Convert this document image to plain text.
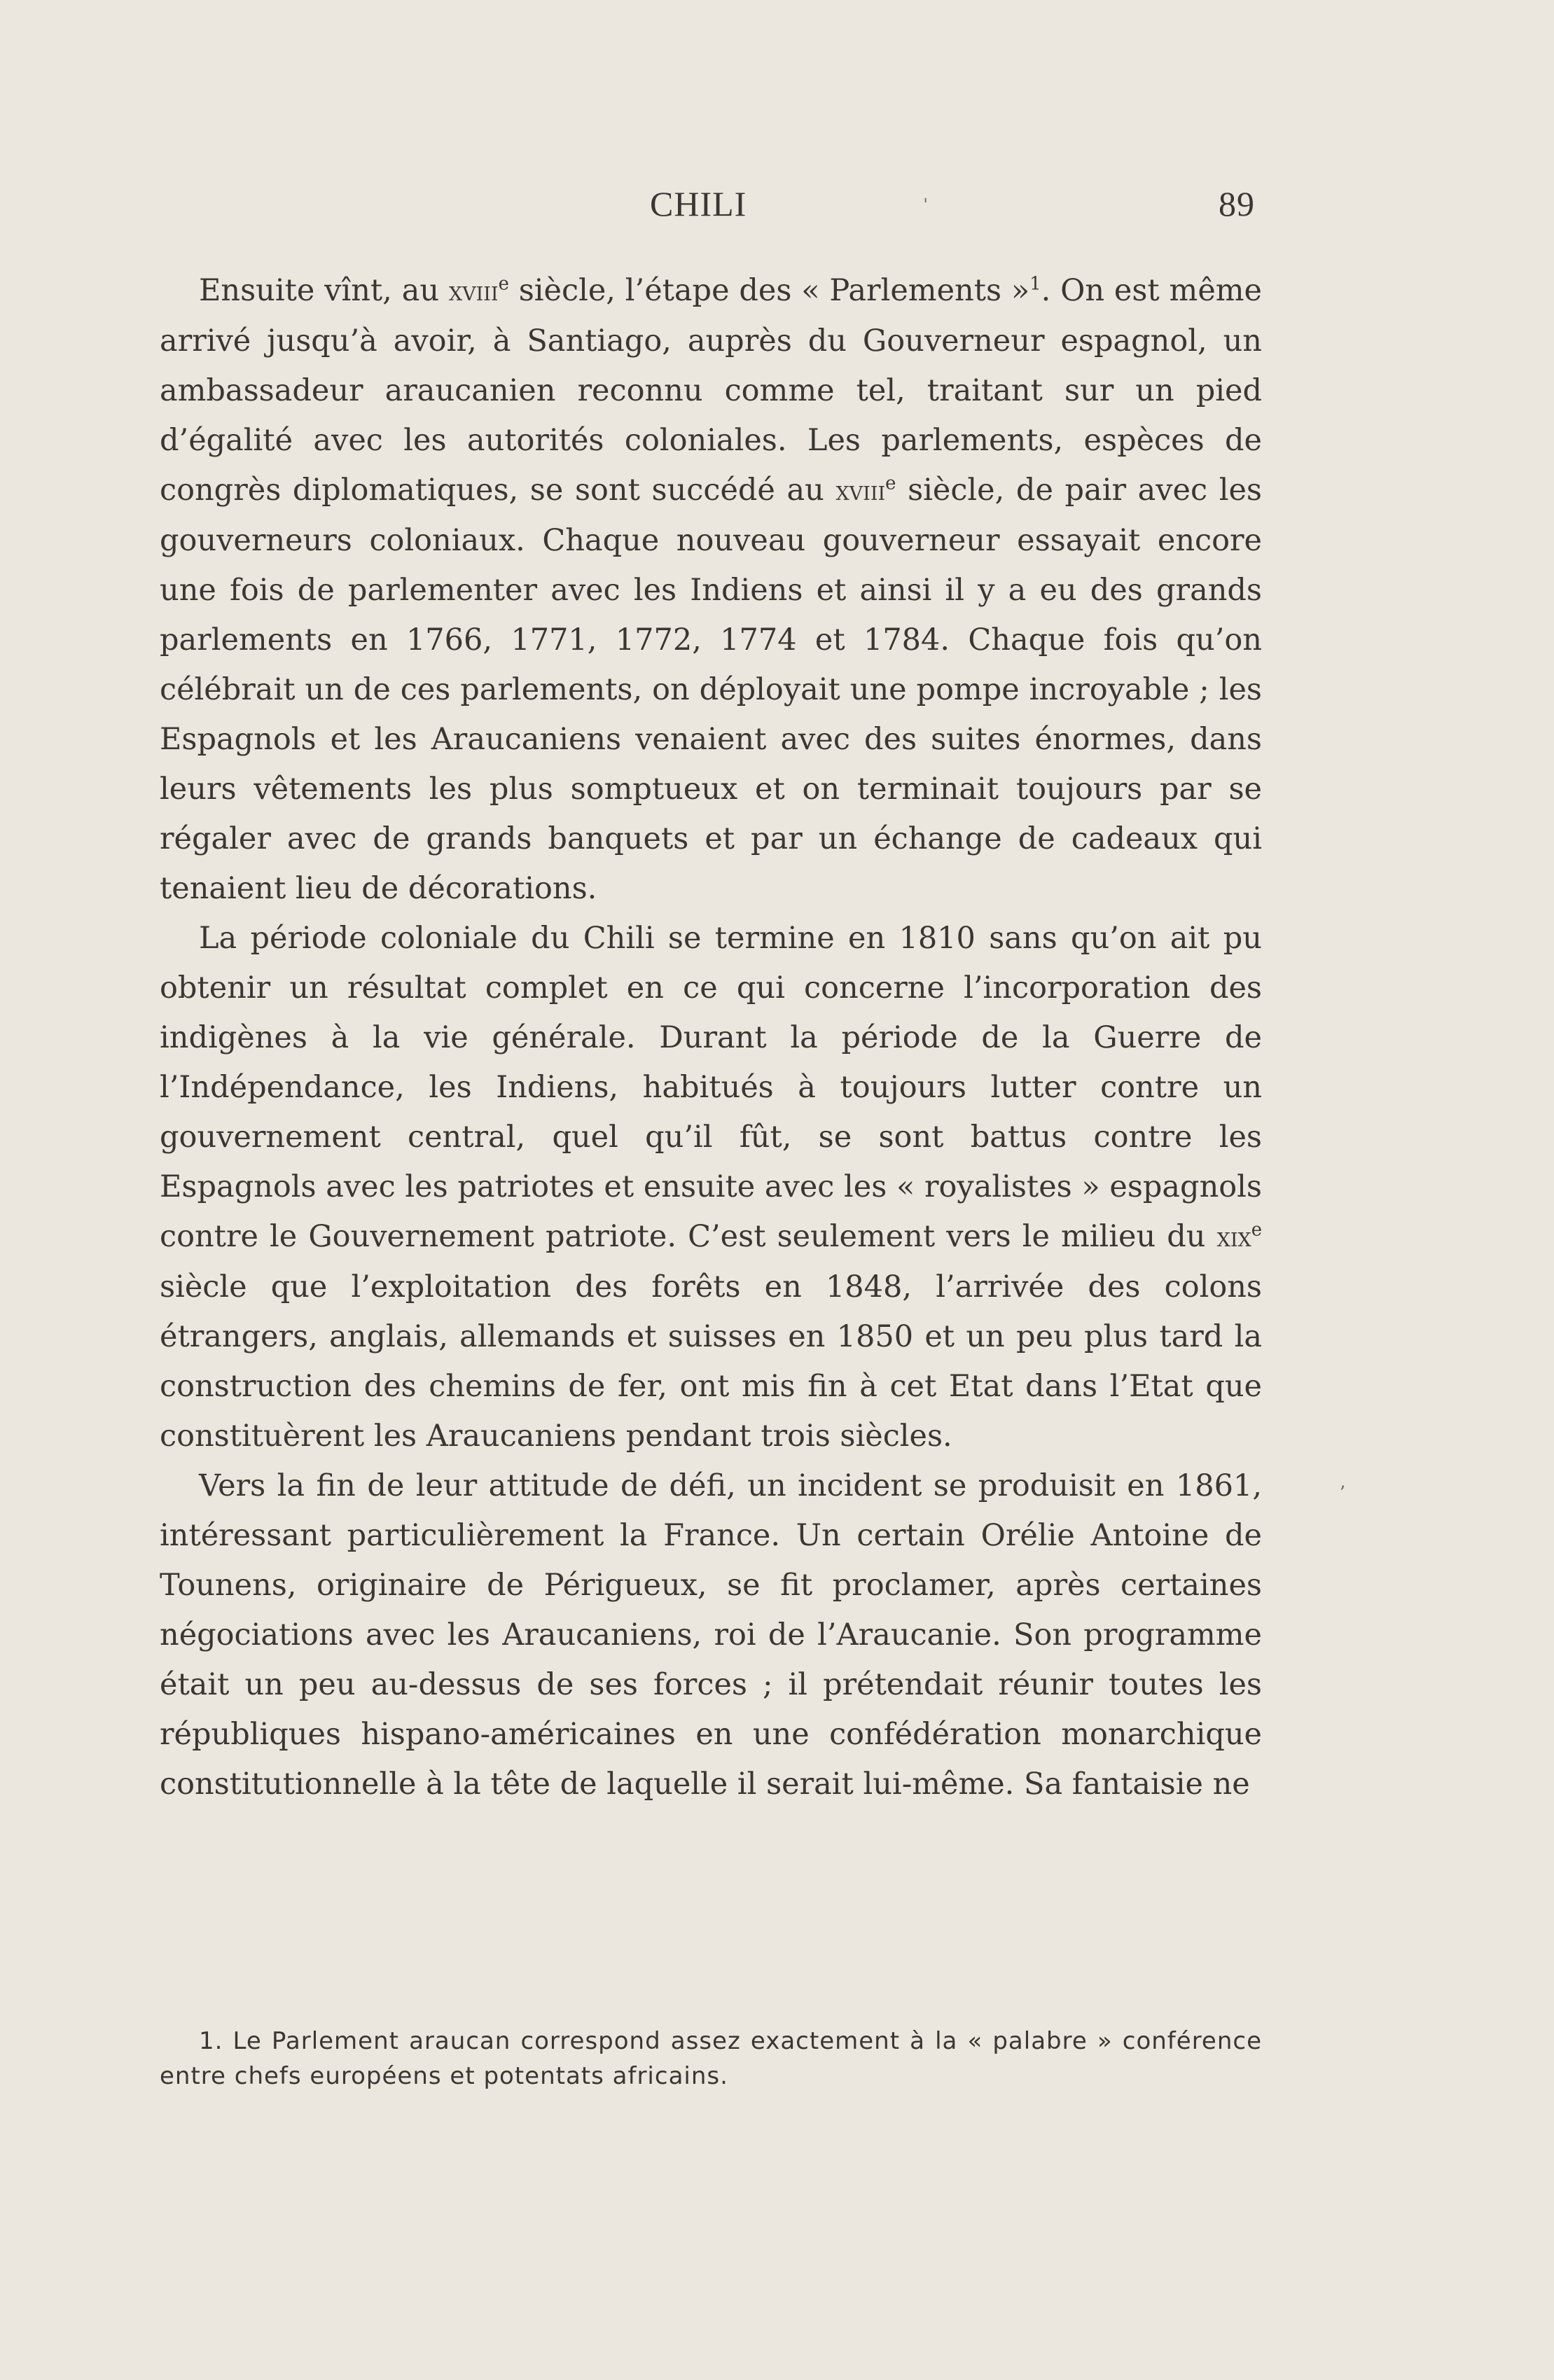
CHILI	89

Ensuite vînt, au xviii$^e$ siècle, l’étape des « Parlements »$^1$. On est même arrivé jusqu’à avoir, à Santiago, auprès du Gouverneur espagnol, un ambassadeur araucanien reconnu comme tel, traitant sur un pied d’égalité avec les autorités coloniales. Les parlements, espèces de congrès diplomatiques, se sont succédé au xviii$^e$ siècle, de pair avec les gouverneurs coloniaux. Chaque nouveau gouverneur essayait encore une fois de parlementer avec les Indiens et ainsi il y a eu des grands parlements en 1766, 1771, 1772, 1774 et 1784. Chaque fois qu’on célébrait un de ces parlements, on déployait une pompe incroyable ; les Espagnols et les Araucaniens venaient avec des suites énormes, dans leurs vêtements les plus somptueux et on terminait toujours par se régaler avec de grands banquets et par un échange de cadeaux qui tenaient lieu de décorations.

La période coloniale du Chili se termine en 1810 sans qu’on ait pu obtenir un résultat complet en ce qui concerne l’incorporation des indigènes à la vie générale. Durant la période de la Guerre de l’Indépendance, les Indiens, habitués à toujours lutter contre un gouvernement central, quel qu’il fût, se sont battus contre les Espagnols avec les patriotes et ensuite avec les « royalistes » espagnols contre le Gouvernement patriote. C’est seulement vers le milieu du xix$^e$ siècle que l’exploitation des forêts en 1848, l’arrivée des colons étrangers, anglais, allemands et suisses en 1850 et un peu plus tard la construction des chemins de fer, ont mis fin à cet Etat dans l’Etat que constituèrent les Araucaniens pendant trois siècles.

Vers la fin de leur attitude de défi, un incident se produisit en 1861, intéressant particulièrement la France. Un certain Orélie Antoine de Tounens, originaire de Périgueux, se fit proclamer, après certaines négociations avec les Araucaniens, roi de l’Araucanie. Son programme était un peu au-dessus de ses forces ; il prétendait réunir toutes les républiques hispano-américaines en une confédération monarchique constitutionnelle à la tête de laquelle il serait lui-même. Sa fantaisie ne

1. Le Parlement araucan correspond assez exactement à la « palabre » conférence entre chefs européens et potentats africains.

ˈ
ʼ
